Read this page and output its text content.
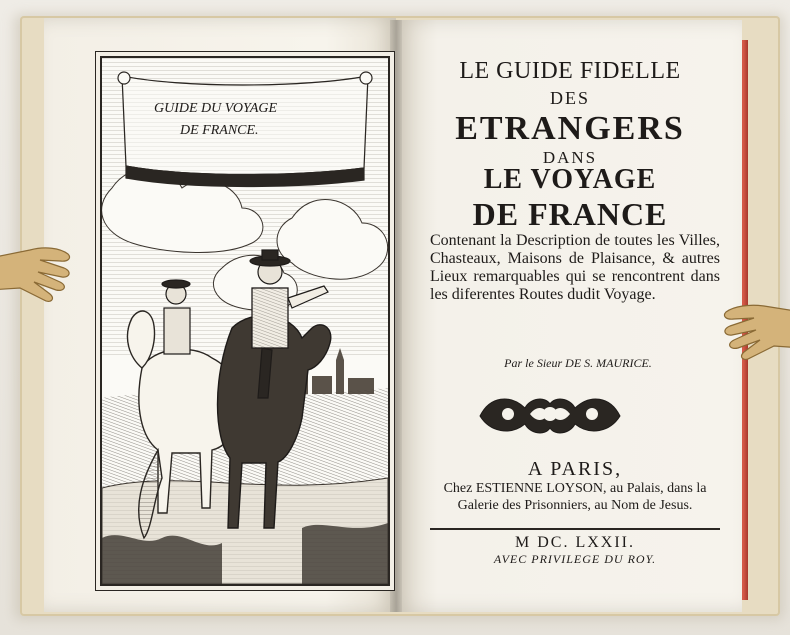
GUIDE DU VOYAGE
DE FRANCE.
LE GUIDE FIDELLE
DES
ETRANGERS
DANS
LE VOYAGE
DE FRANCE
Contenant la Description de toutes les Villes, Chasteaux, Maisons de Plaisance, & autres Lieux remarquables qui se rencontrent dans les diferentes Routes dudit Voyage.
Par le Sieur DE S. MAURICE.
A PARIS,
Chez ESTIENNE LOYSON, au Palais, dans la Galerie des Prisonniers, au Nom de Jesus.
M DC. LXXII.
AVEC PRIVILEGE DU ROY.
